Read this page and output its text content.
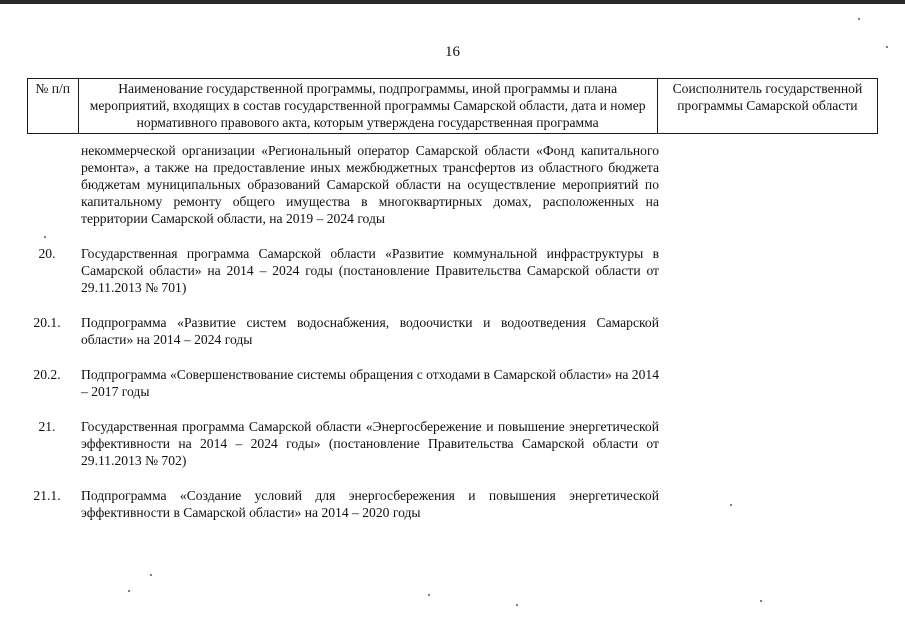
16
№ п/п	Наименование государственной программы, подпрограммы, иной программы и плана мероприятий, входящих в состав государственной программы Самарской области, дата и номер нормативного правового акта, которым утверждена государственная программа	Соисполнитель государственной программы Самарской области
некоммерческой организации «Региональный оператор Самарской области «Фонд капитального ремонта», а также на предоставление иных межбюджетных трансфертов из областного бюджета бюджетам муниципальных образований Самарской области на осуществление мероприятий по капитальному ремонту общего имущества в многоквартирных домах, расположенных на территории Самарской области, на 2019 – 2024 годы
20.	Государственная программа Самарской области «Развитие коммунальной инфраструктуры в Самарской области» на 2014 – 2024 годы (постановление Правительства Самарской области от 29.11.2013 № 701)
20.1.	Подпрограмма «Развитие систем водоснабжения, водоочистки и водоотведения Самарской области» на 2014 – 2024 годы
20.2.	Подпрограмма «Совершенствование системы обращения с отходами в Самарской области» на 2014 – 2017 годы
21.	Государственная программа Самарской области «Энергосбережение и повышение энергетической эффективности на 2014 – 2024 годы» (постановление Правительства Самарской области от 29.11.2013 № 702)
21.1.	Подпрограмма «Создание условий для энергосбережения и повышения энергетической эффективности в Самарской области» на 2014 – 2020 годы
